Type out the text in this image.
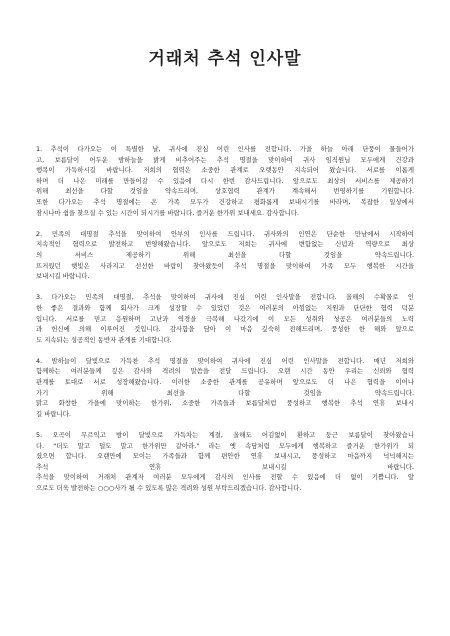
거래처 추석 인사말
1. 추석이 다가오는 이 특별한 날, 귀사에 진심 어린 인사를 전합니다. 가을 하늘 아래 단풍이 물들어가
고, 보름달이 어두운 밤하늘을 밝게 비추어주는 추석 명절을 맞이하여 귀사 임직원님 모두에게 건강과
행복이 가득하시길 바랍니다. 저희의 협력은 소중한 관계로 오랫동안 지속되어 왔습니다. 서로를 이롭게
하며 더 나은 미래를 만들어갈 수 있음에 다시 한번 감사드립니다. 앞으로도 최상의 서비스를 제공하기
위해 최선을 다할 것임을 약속드리며, 상호협력 관계가 계속해서 번영하기를 기원합니다.
또한 다가오는 추석 명절에는 온 가족 모두가 건강하고 평화롭게 보내시기를 바라며, 복잡한 일상에서
잠시나마 쉼을 찾으실 수 있는 시간이 되시기를 바랍니다. 즐거운 한가위 보내세요. 감사합니다.
2. 민족의 대명절 추석을 맞이하여 안부의 인사를 드립니다. 귀사와의 인연은 단순한 만남에서 시작하여
지속적인 협력으로 발전하고 번영해왔습니다. 앞으로도 저희는 귀사에 변함없는 신념과 역량으로 최상
의 서비스 제공하기 위해 최선을 다할 것임을 약속드립니다.
뜨거웠던 햇빛은 사라지고 선선한 바람이 찾아왔듯이 추석 명절을 맞이하여 가족 모두 행복한 시간을
보내시길 바랍니다.
3. 다가오는 민족의 대명절, 추석을 맞이하여 귀사에 진심 어린 인사말을 전합니다. 올해의 수확물로 인
한 좋은 결과와 함께 회사가 크게 성장할 수 있었던 것은 여러분의 아낌없는 지원과 단단한 협력 덕분
입니다. 서로를 믿고 응원하며 고난과 역경을 극복해 나갔기에 이 모든 성취와 성공은 여러분들의 노력
과 헌신에 의해 이루어진 것입니다. 감사함을 담아 이 마음 깊숙히 전해드리며, 풍성한 한 해와 앞으로
도 지속되는 성공적인 동반자 관계를 기대합니다.
4. 밤하늘이 달빛으로 가득찬 추석 명절을 맞이하여 귀사에 진심 어린 인사말을 전합니다. 매년 저희와
함께하는 여러분들께 깊은 감사와 격려의 말씀을 전달 드립니다. 오랜 시간 동안 우리는 신뢰와 협력
관계를 토대로 서로 성장해왔습니다. 이러한 소중한 관계를 공유하며 앞으로도 더 나은 협력을 이어나
가기 위해 최선을 다할 것임을 약속드립니다.
맑고 화창한 가을에 맞이하는 한가위, 소중한 가족들과 보름달처럼 풍성하고 행복한 추석 연휴 보내시
길 바랍니다.
5. 오곡이 무르익고 밤이 달빛으로 가득차는 계절, 올해도 어김없이 환하고 둥근 보름달이 찾아왔습니
다. "더도 말고 덜도 말고 한가위만 같아라." 라는 옛 속담처럼 모두에게 행복하고 즐거운 한가위가 되
셨으면 합니다. 오랜만에 모이는 가족들과 함께 편안한 연휴 보내시고, 풍성하고 마음까지 넉넉해지는
추석 연휴 보내시길 바랍니다.
추석을 맞이하여 거래처 관계자 여러분 모두에게 감사의 인사를 전할 수 있음에 더 없이 기쁩니다. 앞
으로도 더욱 발전하는 ○○○사가 될 수 있도록 많은 격려와 성원 부탁드리겠습니다. 감사합니다.
